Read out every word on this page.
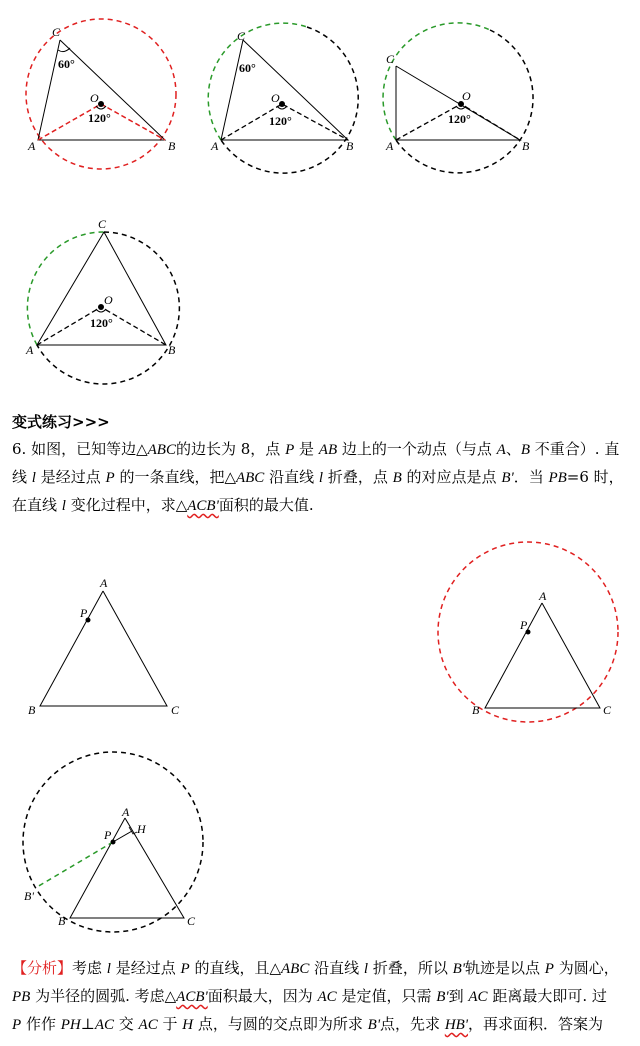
C
60°
O
120°
A	B
C
60°
O
120°
A	B
C
O
120°
A	B
C
O
120°
A	B
变式练习>>>
6. 如图，已知等边△ABC的边长为 8，点 P 是 AB 边上的一个动点（与点 A、B 不重合）. 直
线 l 是经过点 P 的一条直线，把△ABC 沿直线 l 折叠，点 B 的对应点是点 B'．当 PB=6 时，
在直线 l 变化过程中，求△ACB'面积的最大值.
A
P
B	C
A
P
B	C
A
P H
B'
B	C
【分析】考虑 l 是经过点 P 的直线，且△ABC 沿直线 l 折叠，所以 B'轨迹是以点 P 为圆心，
PB 为半径的圆弧. 考虑△ACB'面积最大，因为 AC 是定值，只需 B'到 AC 距离最大即可. 过
P 作作 PH⊥AC 交 AC 于 H 点，与圆的交点即为所求 B'点，先求 HB'，再求面积．答案为
